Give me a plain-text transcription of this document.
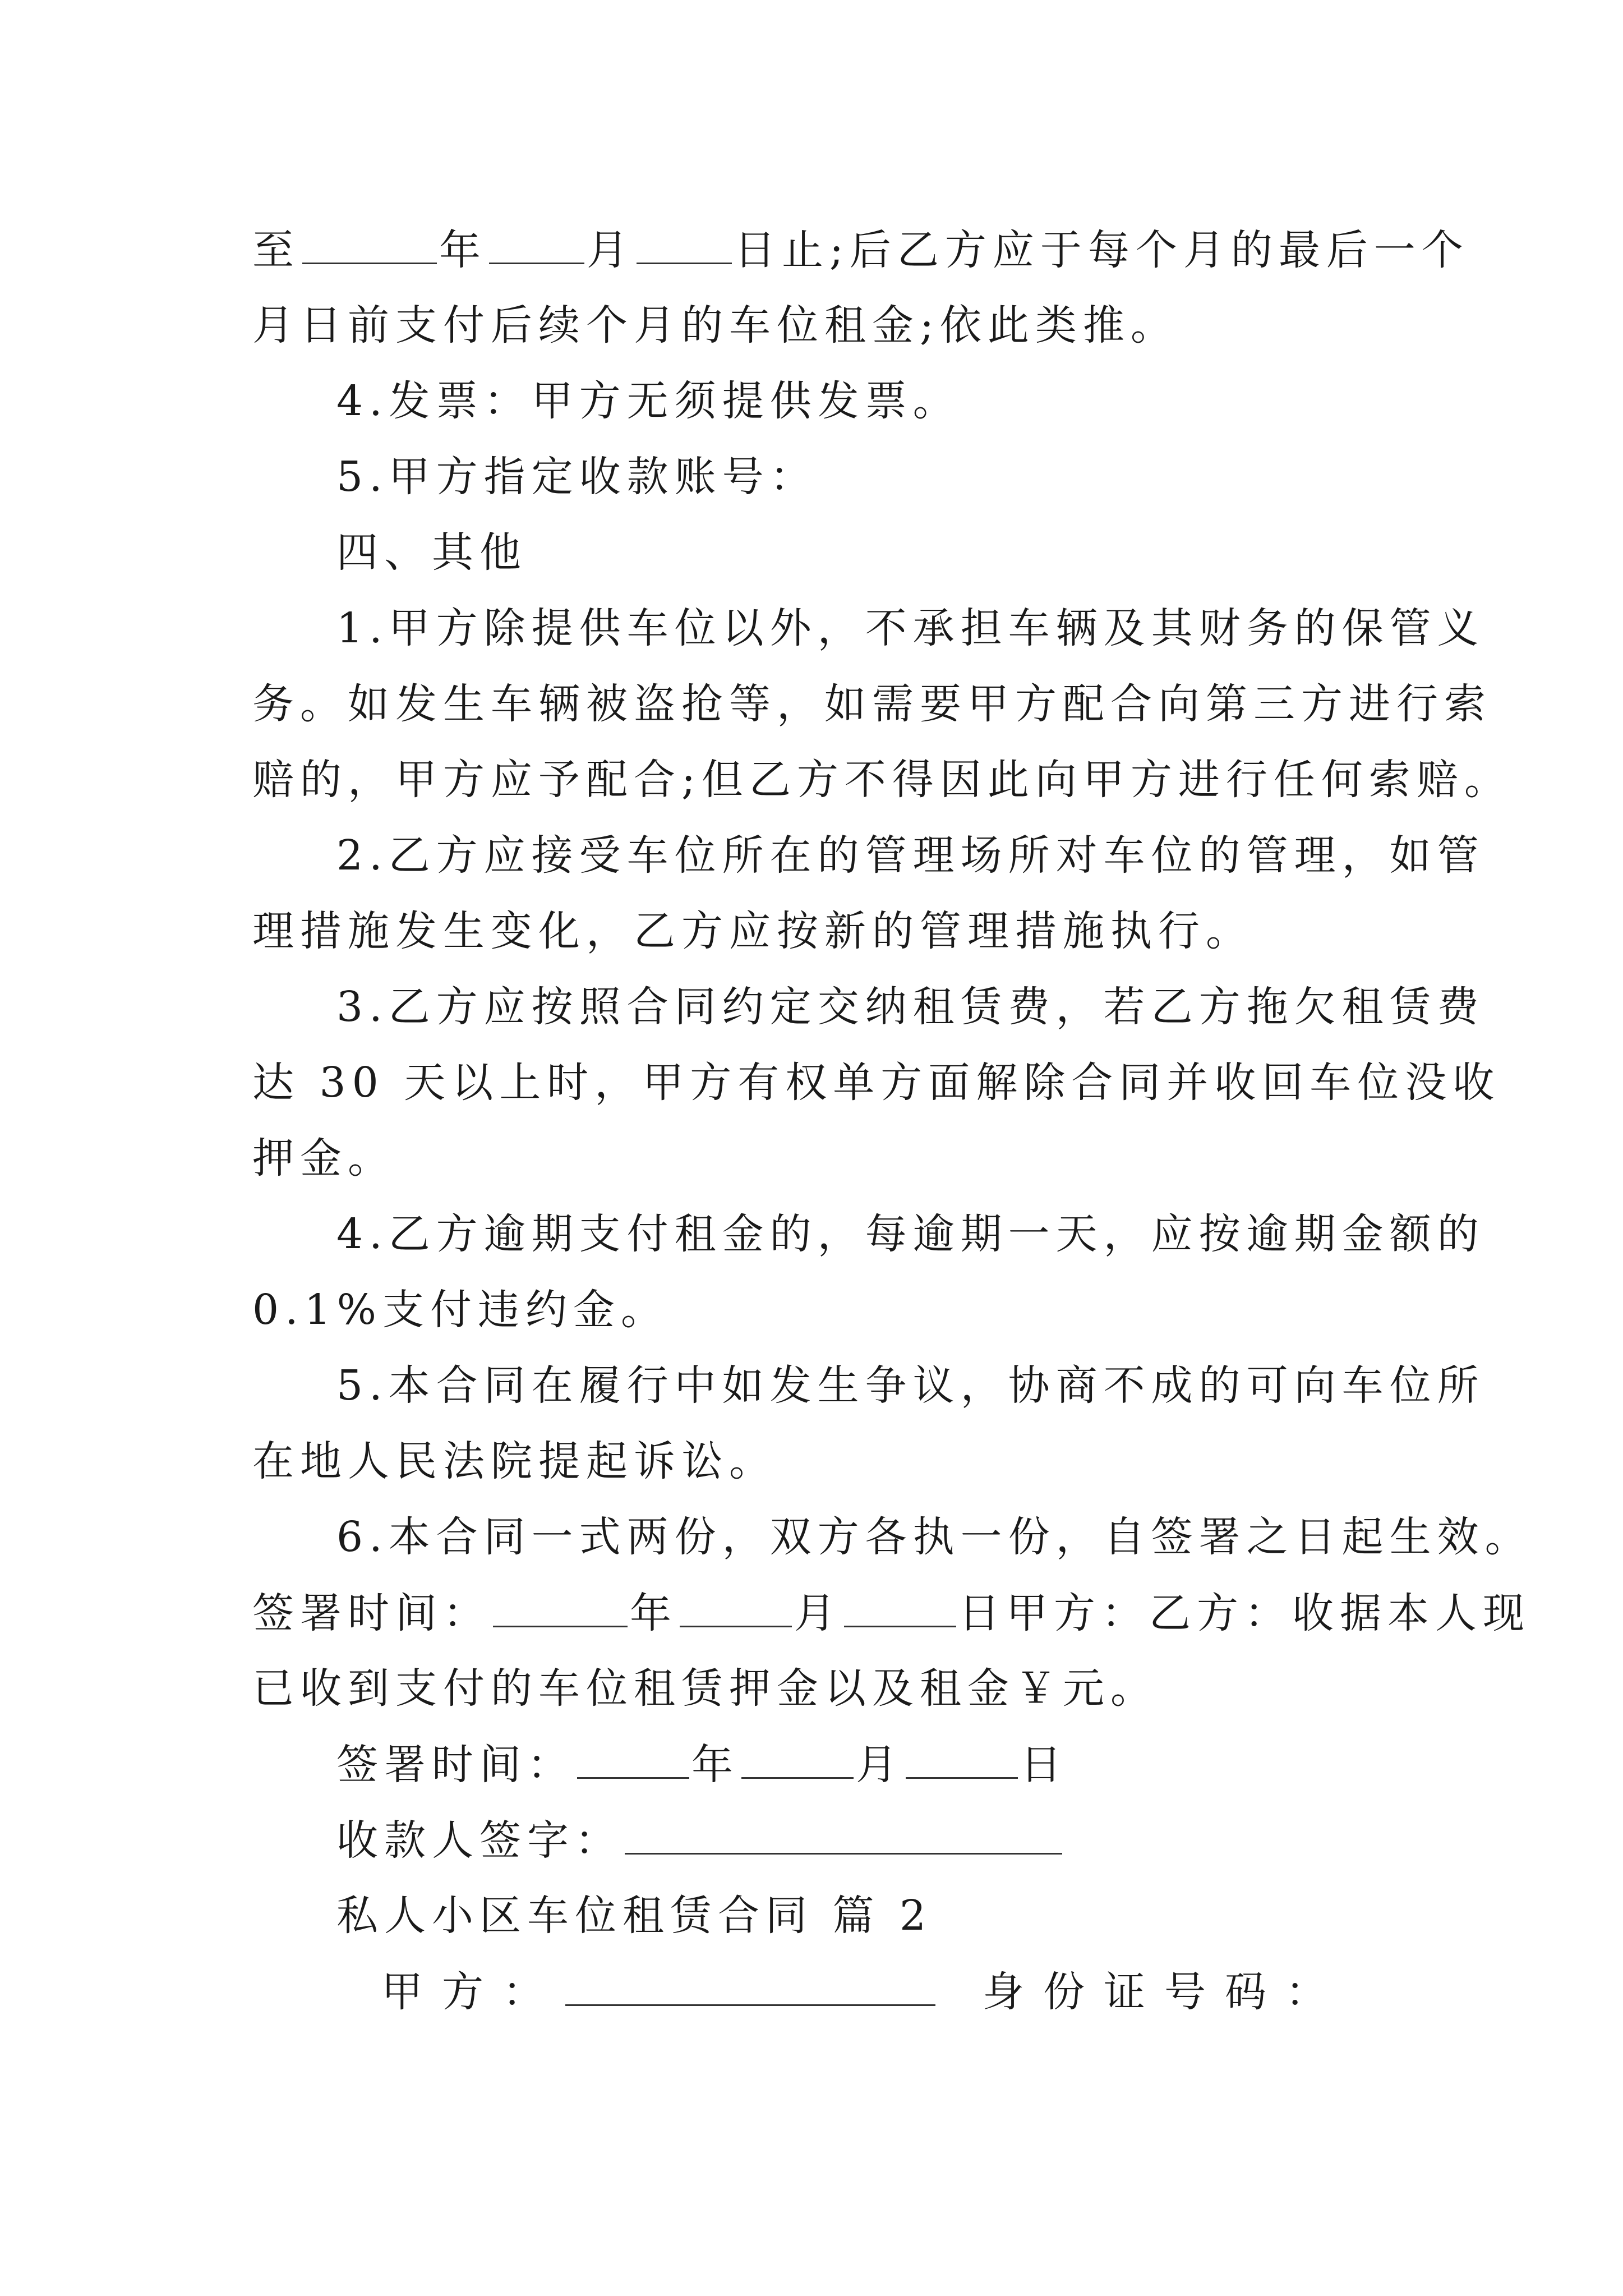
至	年 月 日止;后乙方应于每个月的最后一个
月日前支付后续个月的车位租金;依此类推。
4.发票：甲方无须提供发票。
5.甲方指定收款账号：
四、其他
1.甲方除提供车位以外，不承担车辆及其财务的保管义
务。如发生车辆被盗抢等，如需要甲方配合向第三方进行索
赔的，甲方应予配合;但乙方不得因此向甲方进行任何索赔。
2.乙方应接受车位所在的管理场所对车位的管理，如管
理措施发生变化，乙方应按新的管理措施执行。
3.乙方应按照合同约定交纳租赁费，若乙方拖欠租赁费
达 30 天以上时，甲方有权单方面解除合同并收回车位没收
押金。
4.乙方逾期支付租金的，每逾期一天，应按逾期金额的
0.1%支付违约金。
5.本合同在履行中如发生争议，协商不成的可向车位所
在地人民法院提起诉讼。
6.本合同一式两份，双方各执一份，自签署之日起生效。
签署时间：	年	月	日甲方：乙方：收据本人现
已收到支付的车位租赁押金以及租金￥元。
签署时间：	年	月	日
收款人签字：
私人小区车位租赁合同 篇 2
甲方：	身份证号码：
